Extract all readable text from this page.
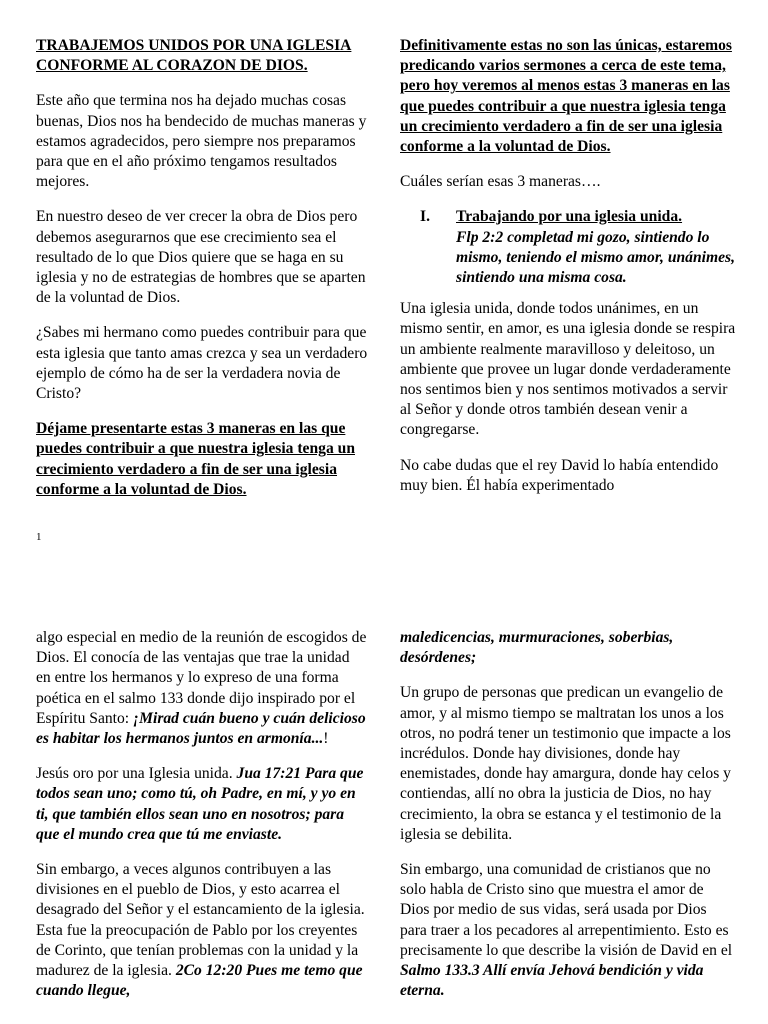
TRABAJEMOS UNIDOS POR UNA IGLESIA CONFORME AL CORAZON DE DIOS.

Este año que termina nos ha dejado muchas cosas buenas, Dios nos ha bendecido de muchas maneras y estamos agradecidos, pero siempre nos preparamos para que en el año próximo tengamos resultados mejores.

En nuestro deseo de ver crecer la obra de Dios pero debemos asegurarnos que ese crecimiento sea el resultado de lo que Dios quiere que se haga en su iglesia y no de estrategias de hombres que se aparten de la voluntad de Dios.

¿Sabes mi hermano como puedes contribuir para que esta iglesia que tanto amas crezca y sea un verdadero ejemplo de cómo ha de ser la verdadera novia de Cristo?

Déjame presentarte estas 3 maneras en las que puedes contribuir a que nuestra iglesia tenga un crecimiento verdadero a fin de ser una iglesia conforme a la voluntad de Dios.

Definitivamente estas no son las únicas, estaremos predicando varios sermones a cerca de este tema, pero hoy veremos al menos estas 3 maneras en las que puedes contribuir a que nuestra iglesia tenga un crecimiento verdadero a fin de ser una iglesia conforme a la voluntad de Dios.

Cuáles serían esas 3 maneras….

I.	Trabajando por una iglesia unida.
Flp 2:2 completad mi gozo, sintiendo lo mismo, teniendo el mismo amor, unánimes, sintiendo una misma cosa.

Una iglesia unida, donde todos unánimes, en un mismo sentir, en amor, es una iglesia donde se respira un ambiente realmente maravilloso y deleitoso, un ambiente que provee un lugar donde verdaderamente nos sentimos bien y nos sentimos motivados a servir al Señor y donde otros también desean venir a congregarse.

No cabe dudas que el rey David lo había entendido muy bien. Él había experimentado

1

algo especial en medio de la reunión de escogidos de Dios. El conocía de las ventajas que trae la unidad en entre los hermanos y lo expreso de una forma poética en el salmo 133 donde dijo inspirado por el Espíritu Santo: ¡Mirad cuán bueno y cuán delicioso es habitar los hermanos juntos en armonía...!

Jesús oro por una Iglesia unida. Jua 17:21 Para que todos sean uno; como tú, oh Padre, en mí, y yo en ti, que también ellos sean uno en nosotros; para que el mundo crea que tú me enviaste.

Sin embargo, a veces algunos contribuyen a las divisiones en el pueblo de Dios, y esto acarrea el desagrado del Señor y el estancamiento de la iglesia. Esta fue la preocupación de Pablo por los creyentes de Corinto, que tenían problemas con la unidad y la madurez de la iglesia. 2Co 12:20 Pues me temo que cuando llegue,

maledicencias, murmuraciones, soberbias, desórdenes;

Un grupo de personas que predican un evangelio de amor, y al mismo tiempo se maltratan los unos a los otros, no podrá tener un testimonio que impacte a los incrédulos. Donde hay divisiones, donde hay enemistades, donde hay amargura, donde hay celos y contiendas, allí no obra la justicia de Dios, no hay crecimiento, la obra se estanca y el testimonio de la iglesia se debilita.

Sin embargo, una comunidad de cristianos que no solo habla de Cristo sino que muestra el amor de Dios por medio de sus vidas, será usada por Dios para traer a los pecadores al arrepentimiento. Esto es precisamente lo que describe la visión de David en el Salmo 133.3 Allí envía Jehová bendición y vida eterna.
